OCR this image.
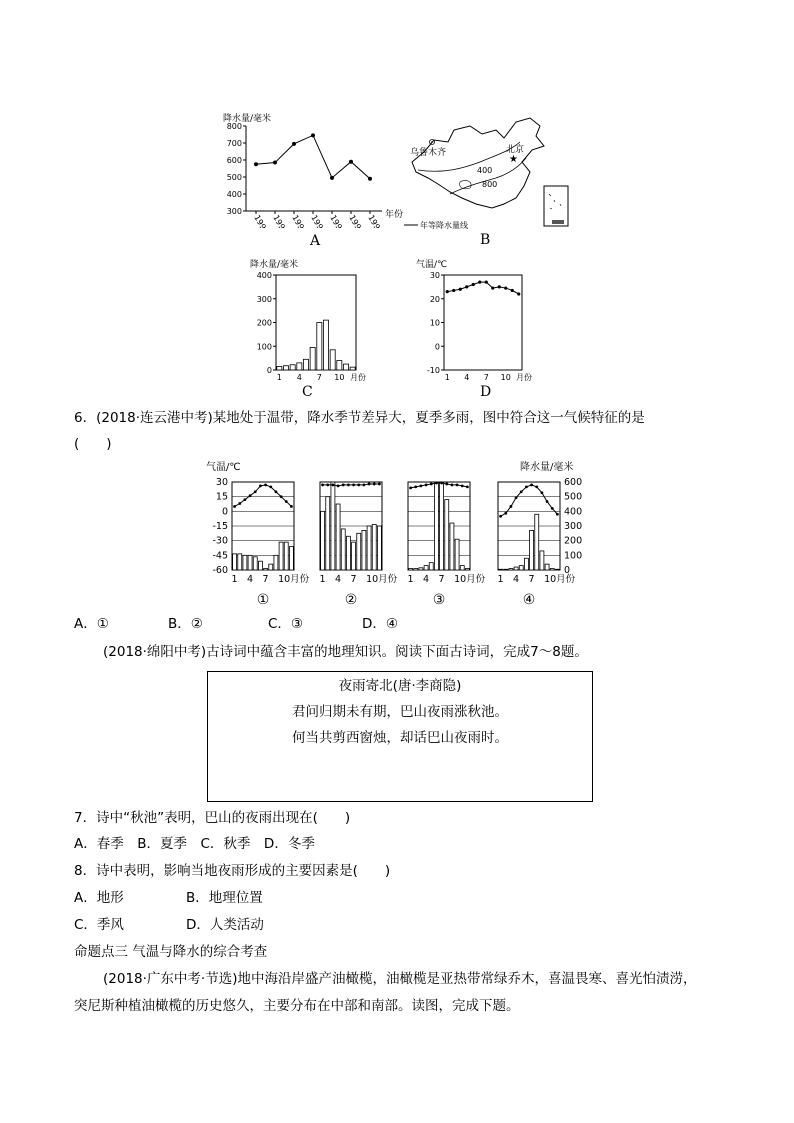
降水量/毫米
年份
800
700
600
500
400
300
1991 1992 1993 1994 1995 1996 1997
A
乌鲁木齐
★
北京
400
800
年等降水量线
B
降水量/毫米
400
300
200
100
0
1 4 7 10 月份
C
气温/℃
30
20
10
0
-10
1 4 7 10 月份
D
6．(2018·连云港中考)某地处于温带，降水季节差异大，夏季多雨，图中符合这一气候特征的是
(　　)
气温/℃	降水量/毫米
30
15
0
-15
-30
-45
-60
600
500
400
300
200
100
0
1 4 7 10月份
①
1 4 7 10月份
②
1 4 7 10月份
③
1 4 7 10月份
④
A．①	B．②	C．③	D．④
(2018·绵阳中考)古诗词中蕴含丰富的地理知识。阅读下面古诗词，完成7～8题。
夜雨寄北(唐·李商隐)
君问归期未有期，巴山夜雨涨秋池。
何当共剪西窗烛，却话巴山夜雨时。
7．诗中“秋池”表明，巴山的夜雨出现在(　　)
A．春季　B．夏季　C．秋季　D．冬季
8．诗中表明，影响当地夜雨形成的主要因素是(　　)
A．地形	B．地理位置
C．季风	D．人类活动
命题点三 气温与降水的综合考查
(2018·广东中考·节选)地中海沿岸盛产油橄榄，油橄榄是亚热带常绿乔木，喜温畏寒、喜光怕渍涝，
突尼斯种植油橄榄的历史悠久，主要分布在中部和南部。读图，完成下题。
